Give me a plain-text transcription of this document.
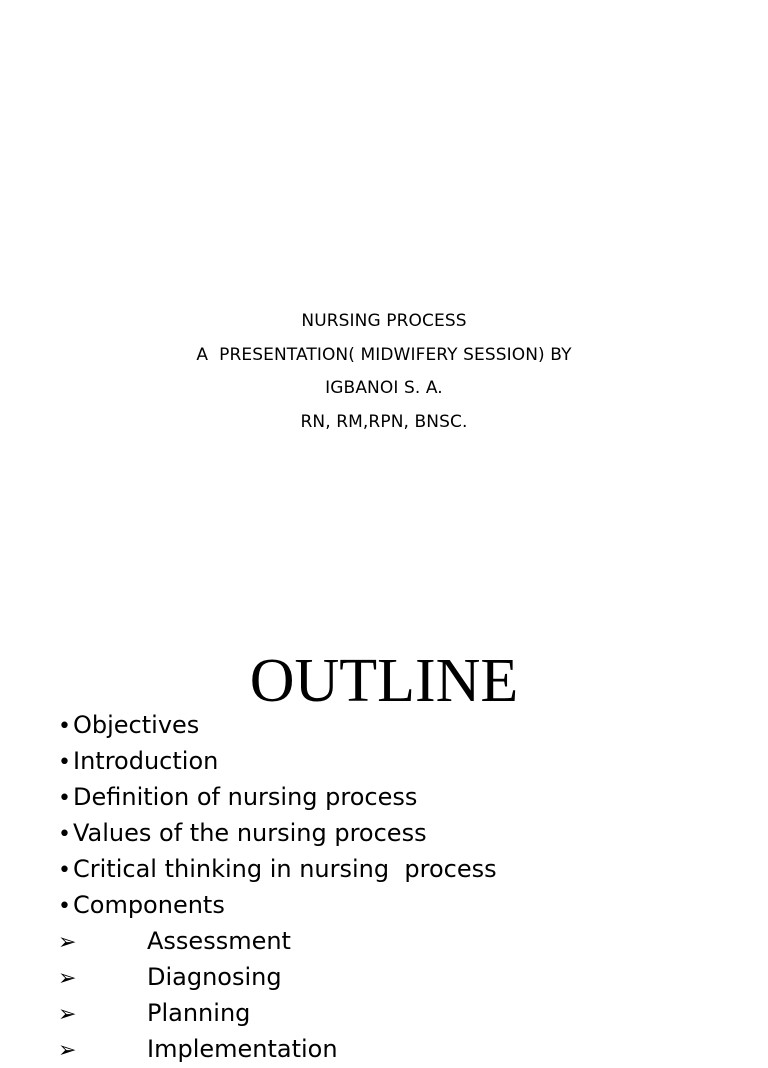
NURSING PROCESS
A  PRESENTATION( MIDWIFERY SESSION) BY
IGBANOI S. A.
RN, RM,RPN, BNSC.
OUTLINE
• Objectives
• Introduction
• Definition of nursing process
• Values of the nursing process
• Critical thinking in nursing  process
• Components
➢	Assessment
➢	Diagnosing
➢	Planning
➢	Implementation
